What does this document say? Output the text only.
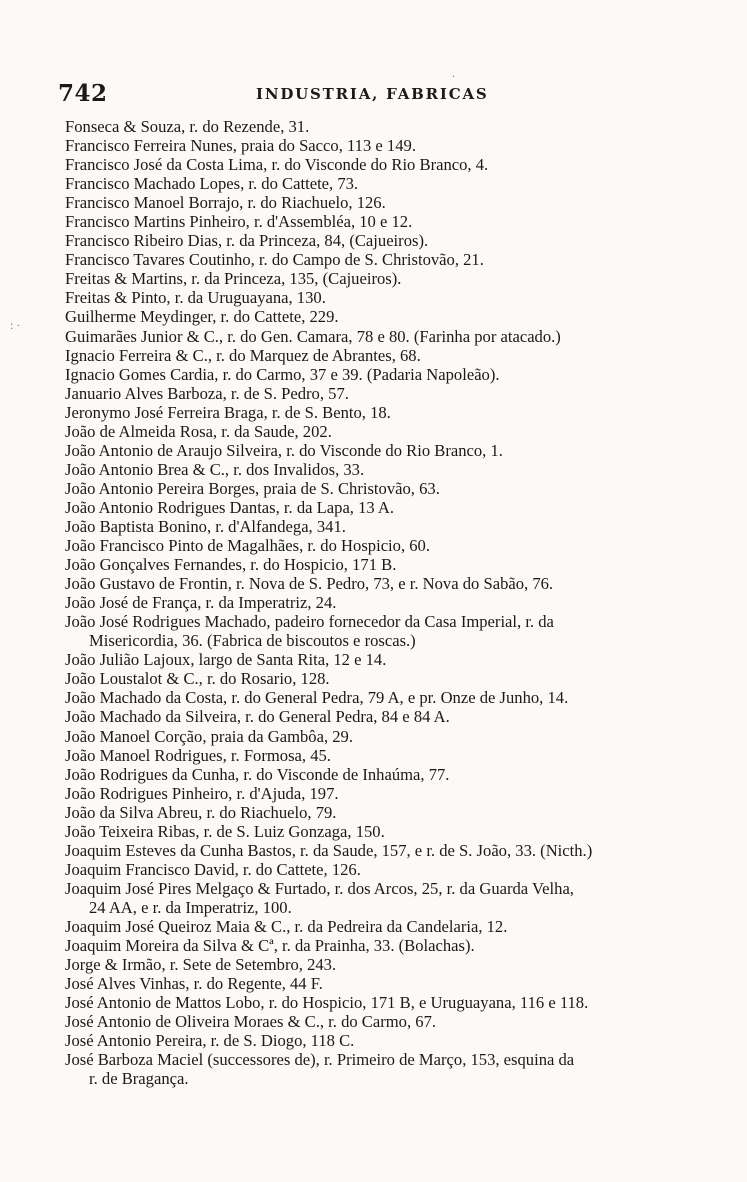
.
: ·
742	INDUSTRIA, FABRICAS

Fonseca & Souza, r. do Rezende, 31.

Francisco Ferreira Nunes, praia do Sacco, 113 e 149.

Francisco José da Costa Lima, r. do Visconde do Rio Branco, 4.

Francisco Machado Lopes, r. do Cattete, 73.

Francisco Manoel Borrajo, r. do Riachuelo, 126.

Francisco Martins Pinheiro, r. d'Assembléa, 10 e 12.

Francisco Ribeiro Dias, r. da Princeza, 84, (Cajueiros).

Francisco Tavares Coutinho, r. do Campo de S. Christovão, 21.

Freitas & Martins, r. da Princeza, 135, (Cajueiros).

Freitas & Pinto, r. da Uruguayana, 130.

Guilherme Meydinger, r. do Cattete, 229.

Guimarães Junior & C., r. do Gen. Camara, 78 e 80. (Farinha por atacado.)

Ignacio Ferreira & C., r. do Marquez de Abrantes, 68.

Ignacio Gomes Cardia, r. do Carmo, 37 e 39. (Padaria Napoleão).

Januario Alves Barboza, r. de S. Pedro, 57.

Jeronymo José Ferreira Braga, r. de S. Bento, 18.

João de Almeida Rosa, r. da Saude, 202.

João Antonio de Araujo Silveira, r. do Visconde do Rio Branco, 1.

João Antonio Brea & C., r. dos Invalidos, 33.

João Antonio Pereira Borges, praia de S. Christovão, 63.

João Antonio Rodrigues Dantas, r. da Lapa, 13 A.

João Baptista Bonino, r. d'Alfandega, 341.

João Francisco Pinto de Magalhães, r. do Hospicio, 60.

João Gonçalves Fernandes, r. do Hospicio, 171 B.

João Gustavo de Frontin, r. Nova de S. Pedro, 73, e r. Nova do Sabão, 76.

João José de França, r. da Imperatriz, 24.

João José Rodrigues Machado, padeiro fornecedor da Casa Imperial, r. da

Misericordia, 36. (Fabrica de biscoutos e roscas.)

João Julião Lajoux, largo de Santa Rita, 12 e 14.

João Loustalot & C., r. do Rosario, 128.

João Machado da Costa, r. do General Pedra, 79 A, e pr. Onze de Junho, 14.

João Machado da Silveira, r. do General Pedra, 84 e 84 A.

João Manoel Corção, praia da Gambôa, 29.

João Manoel Rodrigues, r. Formosa, 45.

João Rodrigues da Cunha, r. do Visconde de Inhaúma, 77.

João Rodrigues Pinheiro, r. d'Ajuda, 197.

João da Silva Abreu, r. do Riachuelo, 79.

João Teixeira Ribas, r. de S. Luiz Gonzaga, 150.

Joaquim Esteves da Cunha Bastos, r. da Saude, 157, e r. de S. João, 33. (Nicth.)

Joaquim Francisco David, r. do Cattete, 126.

Joaquim José Pires Melgaço & Furtado, r. dos Arcos, 25, r. da Guarda Velha,

24 AA, e r. da Imperatriz, 100.

Joaquim José Queiroz Maia & C., r. da Pedreira da Candelaria, 12.

Joaquim Moreira da Silva & Cª, r. da Prainha, 33. (Bolachas).

Jorge & Irmão, r. Sete de Setembro, 243.

José Alves Vinhas, r. do Regente, 44 F.

José Antonio de Mattos Lobo, r. do Hospicio, 171 B, e Uruguayana, 116 e 118.

José Antonio de Oliveira Moraes & C., r. do Carmo, 67.

José Antonio Pereira, r. de S. Diogo, 118 C.

José Barboza Maciel (successores de), r. Primeiro de Março, 153, esquina da

r. de Bragança.
